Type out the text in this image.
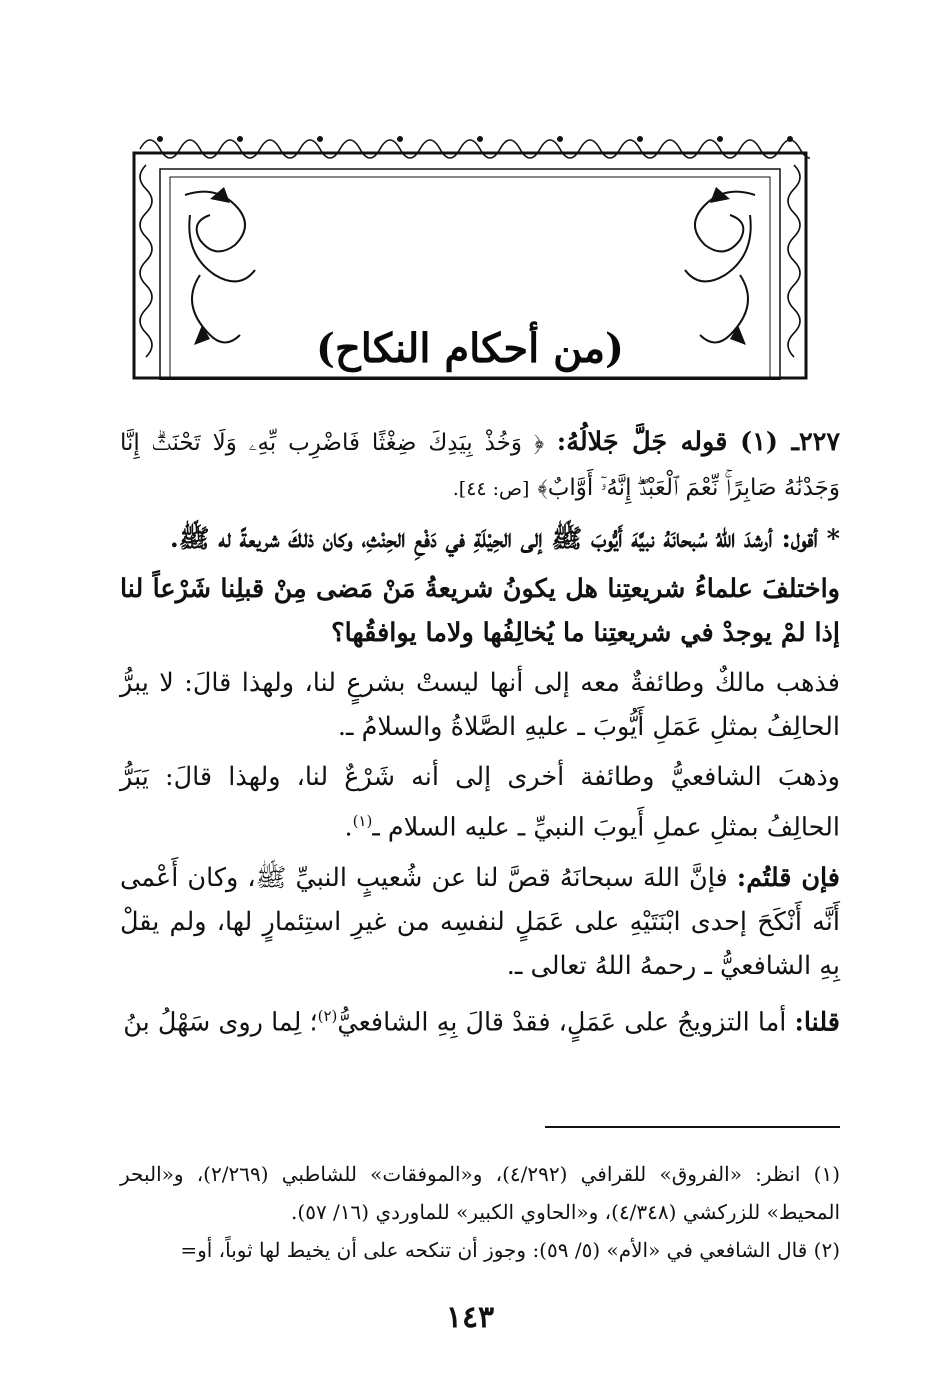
(من أحكام النكاح)

٢٢٧ـ (١) قوله جَلَّ جَلالُهُ: ﴿ وَخُذْ بِيَدِكَ ضِغْثًا فَاضْرِب بِّهِۦ وَلَا تَحْنَثْۗ إِنَّا وَجَدْنَٰهُ صَابِرًاۚ نِّعْمَ ٱلْعَبْدُۖ إِنَّهُۥٓ أَوَّابٌ﴾ [ص: ٤٤].

* أقول: أرشدَ اللهُ سُبحانَهُ نبيَّهَ أَيُّوبَ ﷺ إلى الحِيْلَةِ في دَفْعِ الحِنْثِ، وكان ذلكَ شريعةً له ﷺ.

واختلفَ علماءُ شريعتِنا هل يكونُ شريعةُ مَنْ مَضى مِنْ قبلِنا شَرْعاً لنا إذا لمْ يوجدْ في شريعتِنا ما يُخالِفُها ولاما يوافقُها؟

فذهب مالكٌ وطائفةٌ معه إلى أنها ليستْ بشرعٍ لنا، ولهذا قالَ: لا يبرُّ الحالِفُ بمثلِ عَمَلِ أَيُّوبَ ـ عليهِ الصَّلاةُ والسلامُ ـ.

وذهبَ الشافعيُّ وطائفة أخرى إلى أنه شَرْعٌ لنا، ولهذا قالَ: يَبَرُّ الحالِفُ بمثلِ عملِ أَيوبَ النبيِّ ـ عليه السلام ـ$^{(١)}$.

فإن قلتُم: فإنَّ اللهَ سبحانَهُ قصَّ لنا عن شُعيبٍ النبيِّ ﷺ، وكان أَعْمى أَنَّه أَنْكَحَ إحدى ابْنَتَيْهِ على عَمَلٍ لنفسِه من غيرِ استِئمارٍ لها، ولم يقلْ بِهِ الشافعيُّ ـ رحمهُ اللهُ تعالى ـ.

قلنا: أما التزويجُ على عَمَلٍ، فقدْ قالَ بِهِ الشافعيُّ$^{(٢)}$؛ لِما روى سَهْلُ بنُ

(١) انظر: «الفروق» للقرافي (٤/٢٩٢)، و«الموفقات» للشاطبي (٢/٢٦٩)، و«البحر المحيط» للزركشي (٤/٣٤٨)، و«الحاوي الكبير» للماوردي (١٦/ ٥٧).

(٢) قال الشافعي في «الأم» (٥/ ٥٩): وجوز أن تنكحه على أن يخيط لها ثوباً، أو=

١٤٣
